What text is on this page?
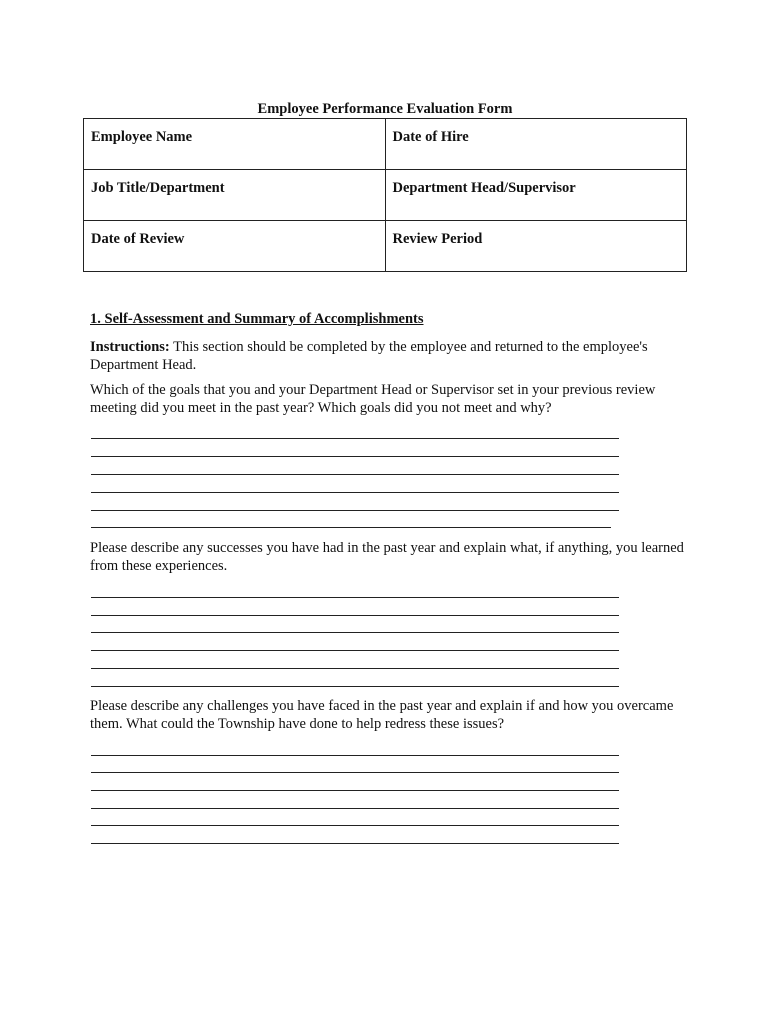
Employee Performance Evaluation Form
Employee Name	Date of Hire
Job Title/Department	Department Head/Supervisor
Date of Review	Review Period
1. Self-Assessment and Summary of Accomplishments
Instructions: This section should be completed by the employee and returned to the employee's Department Head.
Which of the goals that you and your Department Head or Supervisor set in your previous review meeting did you meet in the past year? Which goals did you not meet and why?
Please describe any successes you have had in the past year and explain what, if anything, you learned from these experiences.
Please describe any challenges you have faced in the past year and explain if and how you overcame them. What could the Township have done to help redress these issues?
